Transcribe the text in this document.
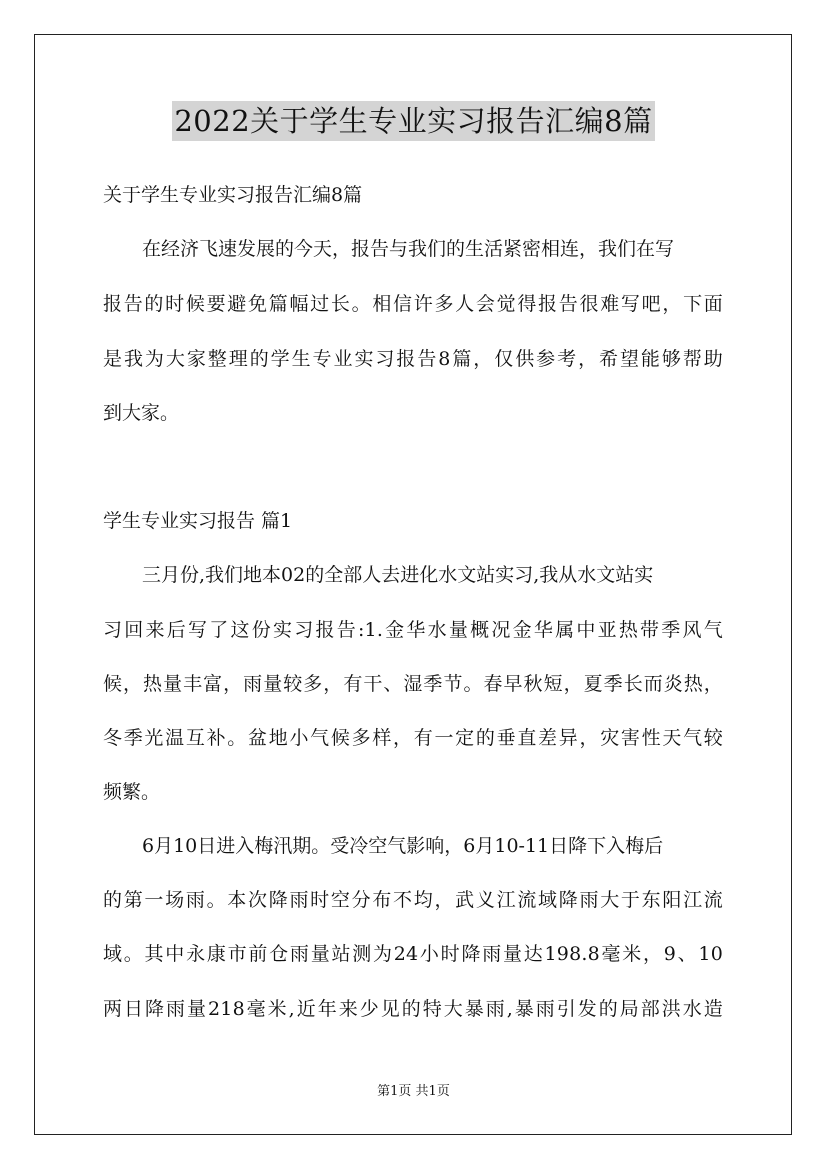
2022关于学生专业实习报告汇编8篇
关于学生专业实习报告汇编8篇
在经济飞速发展的今天，报告与我们的生活紧密相连，我们在写
报告的时候要避免篇幅过长。相信许多人会觉得报告很难写吧，下面
是我为大家整理的学生专业实习报告8篇，仅供参考，希望能够帮助
到大家。
学生专业实习报告 篇1
三月份,我们地本02的全部人去进化水文站实习,我从水文站实
习回来后写了这份实习报告:1.金华水量概况金华属中亚热带季风气
候，热量丰富，雨量较多，有干、湿季节。春早秋短，夏季长而炎热，
冬季光温互补。盆地小气候多样，有一定的垂直差异，灾害性天气较
频繁。
6月10日进入梅汛期。受冷空气影响，6月10-11日降下入梅后
的第一场雨。本次降雨时空分布不均，武义江流域降雨大于东阳江流
域。其中永康市前仓雨量站测为24小时降雨量达198.8毫米，9、10
两日降雨量218毫米,近年来少见的特大暴雨,暴雨引发的局部洪水造
第1页 共1页
